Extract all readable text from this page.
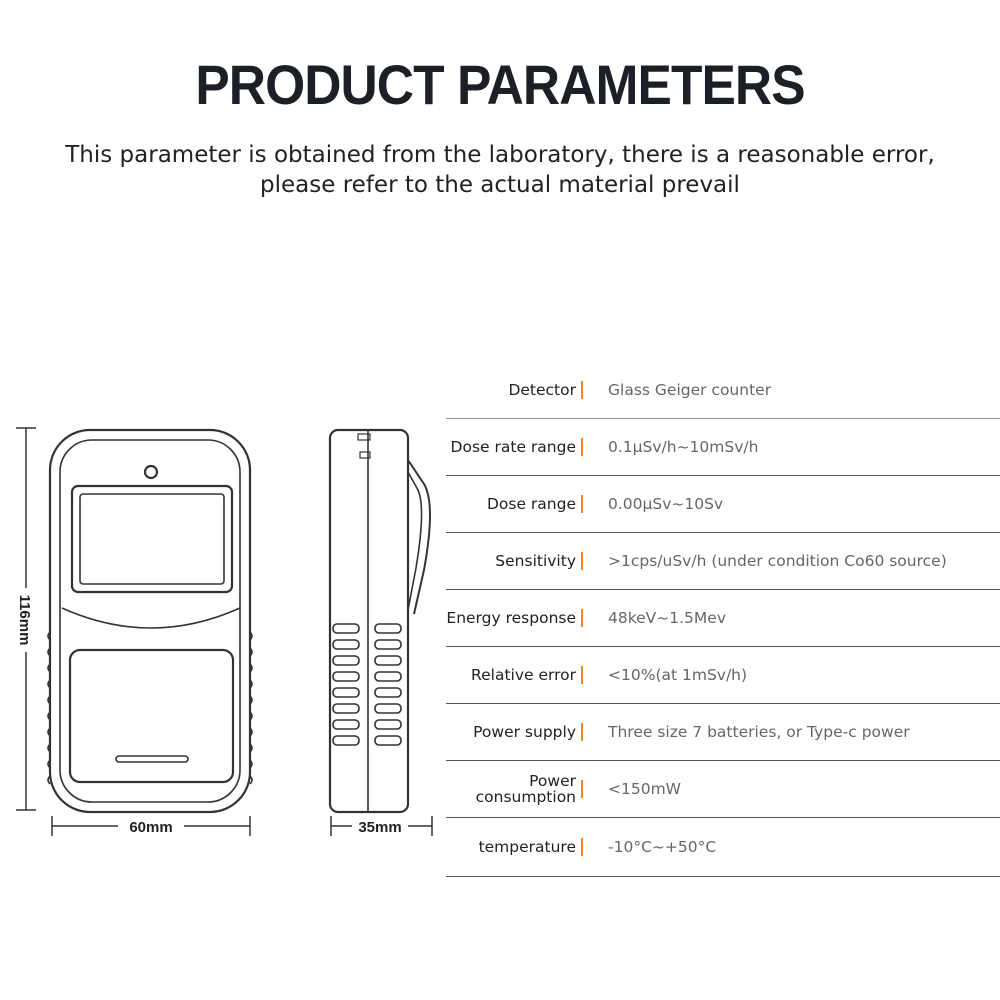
PRODUCT PARAMETERS

This parameter is obtained from the laboratory, there is a reasonable error, please refer to the actual material prevail

116mm
60mm	35mm
Detector Glass Geiger counter
Dose rate range 0.1μSv/h~10mSv/h
Dose range 0.00μSv~10Sv
Sensitivity >1cps/uSv/h (under condition Co60 source)
Energy response 48keV~1.5Mev
Relative error <10%(at 1mSv/h)
Power supply Three size 7 batteries, or Type-c power
Power consumption <150mW
temperature -10°C~+50°C
